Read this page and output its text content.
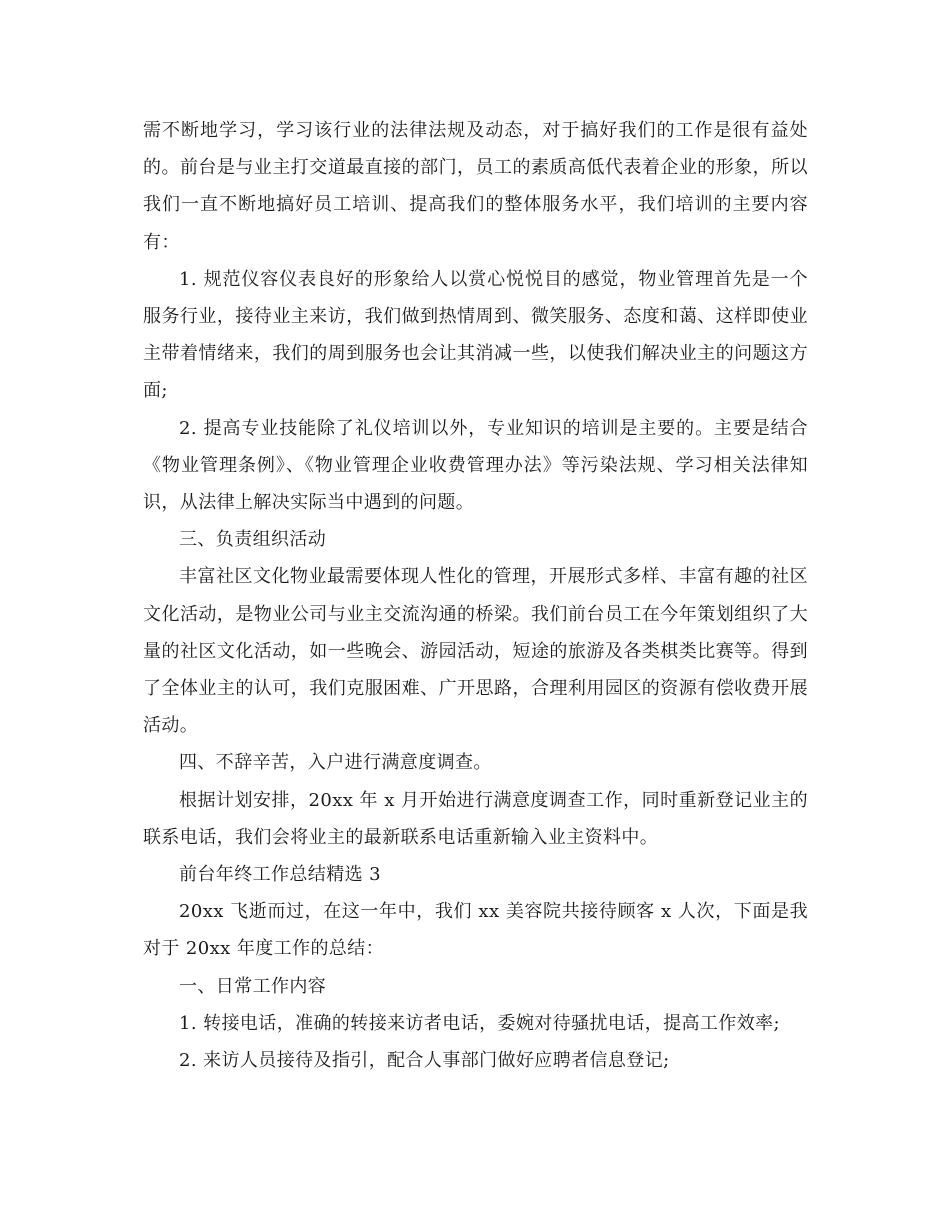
需不断地学习，学习该行业的法律法规及动态，对于搞好我们的工作是很有益处的。前台是与业主打交道最直接的部门，员工的素质高低代表着企业的形象，所以我们一直不断地搞好员工培训、提高我们的整体服务水平，我们培训的主要内容有：

1. 规范仪容仪表良好的形象给人以赏心悦悦目的感觉，物业管理首先是一个服务行业，接待业主来访，我们做到热情周到、微笑服务、态度和蔼、这样即使业主带着情绪来，我们的周到服务也会让其消减一些，以使我们解决业主的问题这方面;

2. 提高专业技能除了礼仪培训以外，专业知识的培训是主要的。主要是结合《物业管理条例》、《物业管理企业收费管理办法》等污染法规、学习相关法律知识，从法律上解决实际当中遇到的问题。

三、负责组织活动

丰富社区文化物业最需要体现人性化的管理，开展形式多样、丰富有趣的社区文化活动，是物业公司与业主交流沟通的桥梁。我们前台员工在今年策划组织了大量的社区文化活动，如一些晚会、游园活动，短途的旅游及各类棋类比赛等。得到了全体业主的认可，我们克服困难、广开思路，合理利用园区的资源有偿收费开展活动。

四、不辞辛苦，入户进行满意度调查。

根据计划安排，20xx 年 x 月开始进行满意度调查工作，同时重新登记业主的联系电话，我们会将业主的最新联系电话重新输入业主资料中。

前台年终工作总结精选 3

20xx 飞逝而过，在这一年中，我们 xx 美容院共接待顾客 x 人次，下面是我对于 20xx 年度工作的总结：

一、日常工作内容

1. 转接电话，准确的转接来访者电话，委婉对待骚扰电话，提高工作效率;

2. 来访人员接待及指引，配合人事部门做好应聘者信息登记;
